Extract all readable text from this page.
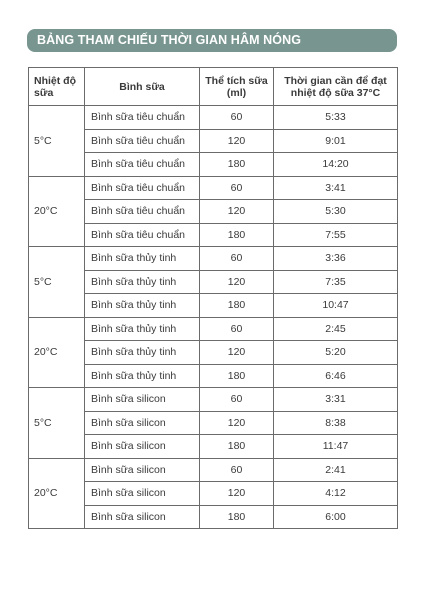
BẢNG THAM CHIẾU THỜI GIAN HÂM NÓNG
Nhiệt độ sữa	Bình sữa	Thể tích sữa (ml)	Thời gian cần để đạt nhiệt độ sữa 37°C
5°C	Bình sữa tiêu chuẩn	60	5:33
	Bình sữa tiêu chuẩn	120	9:01
	Bình sữa tiêu chuẩn	180	14:20
20°C	Bình sữa tiêu chuẩn	60	3:41
	Bình sữa tiêu chuẩn	120	5:30
	Bình sữa tiêu chuẩn	180	7:55
5°C	Bình sữa thủy tinh	60	3:36
	Bình sữa thủy tinh	120	7:35
	Bình sữa thủy tinh	180	10:47
20°C	Bình sữa thủy tinh	60	2:45
	Bình sữa thủy tinh	120	5:20
	Bình sữa thủy tinh	180	6:46
5°C	Bình sữa silicon	60	3:31
	Bình sữa silicon	120	8:38
	Bình sữa silicon	180	11:47
20°C	Bình sữa silicon	60	2:41
	Bình sữa silicon	120	4:12
	Bình sữa silicon	180	6:00
